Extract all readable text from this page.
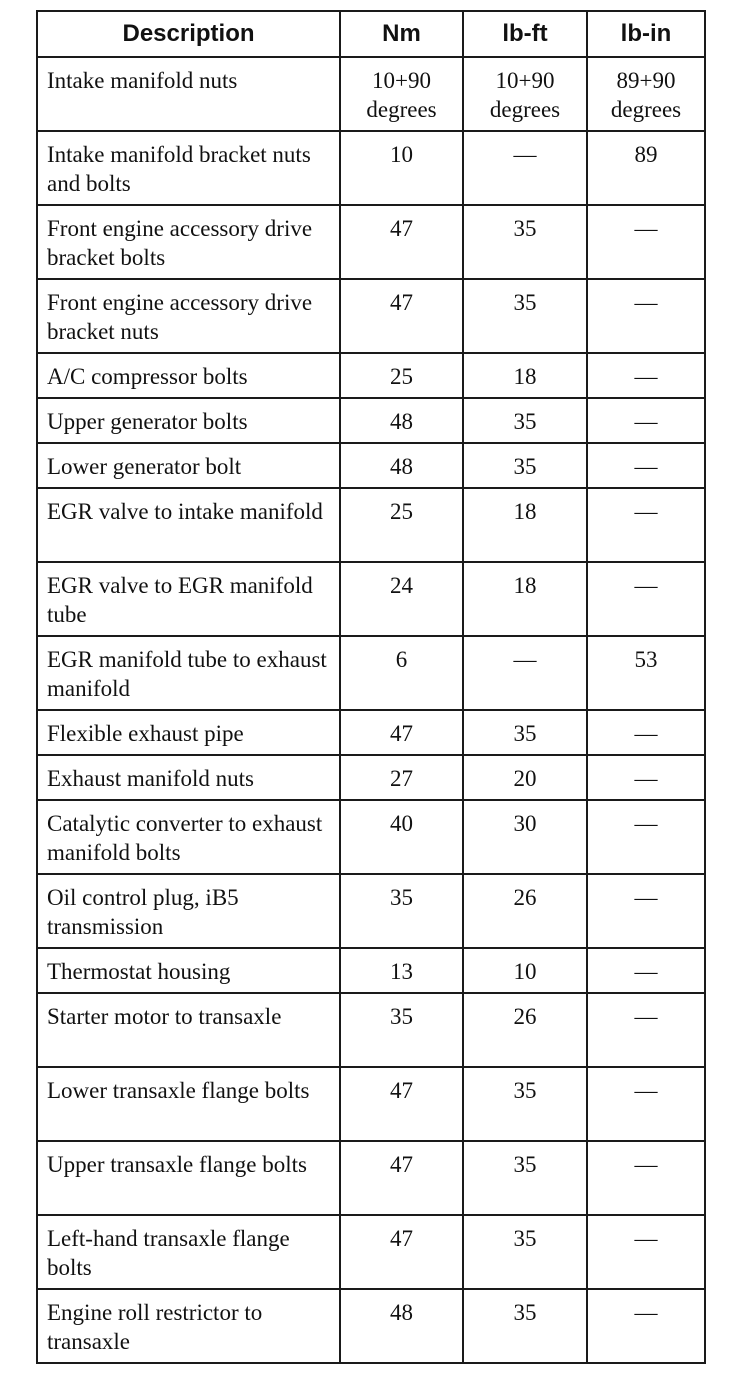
Description	Nm	lb-ft	lb-in
Intake manifold nuts	10+90 degrees	10+90 degrees	89+90 degrees
Intake manifold bracket nuts and bolts	10	—	89
Front engine accessory drive bracket bolts	47	35	—
Front engine accessory drive bracket nuts	47	35	—
A/C compressor bolts	25	18	—
Upper generator bolts	48	35	—
Lower generator bolt	48	35	—
EGR valve to intake manifold	25	18	—
EGR valve to EGR manifold tube	24	18	—
EGR manifold tube to exhaust manifold	6	—	53
Flexible exhaust pipe	47	35	—
Exhaust manifold nuts	27	20	—
Catalytic converter to exhaust manifold bolts	40	30	—
Oil control plug, iB5 transmission	35	26	—
Thermostat housing	13	10	—
Starter motor to transaxle	35	26	—
Lower transaxle flange bolts	47	35	—
Upper transaxle flange bolts	47	35	—
Left-hand transaxle flange bolts	47	35	—
Engine roll restrictor to transaxle	48	35	—
